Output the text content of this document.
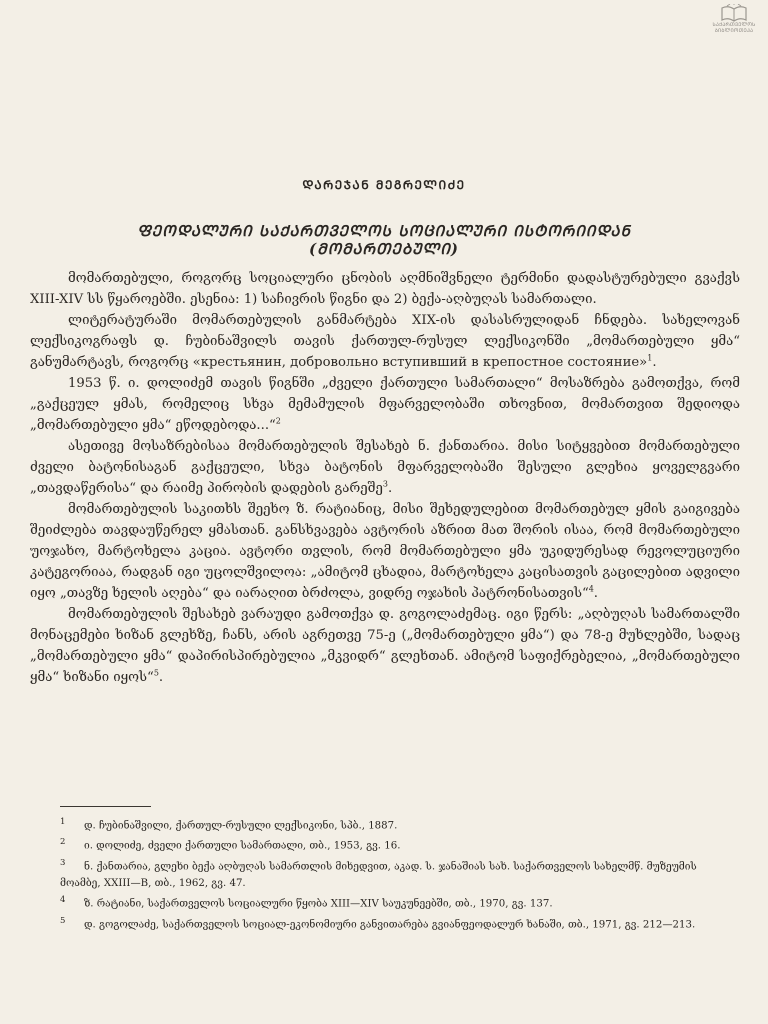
ᲡᲐᲥᲐᲠᲗᲕᲔᲚᲝᲡ ᲑᲘᲑᲚᲘᲝᲗᲔᲙᲐ
ᲓᲐᲠᲔᲯᲐᲜ ᲛᲔᲒᲠᲔᲚᲘᲫᲔ
ᲤᲔᲝᲓᲐᲚᲣᲠᲘ ᲡᲐᲥᲐᲠᲗᲕᲔᲚᲝᲡ ᲡᲝᲪᲘᲐᲚᲣᲠᲘ ᲘᲡᲢᲝᲠᲘᲘᲓᲐᲜ
(ᲛᲝᲛᲐᲠᲗᲔᲑᲣᲚᲘ)

მომართებული, როგორც სოციალური ცნობის აღმნიშვნელი ტერმინი დადასტურებული გვაქვს XIII-XIV სს წყაროებში. ესენია: 1) საჩივრის წიგნი და 2) ბექა-აღბუღას სამართალი.

ლიტერატურაში მომართებულის განმარტება XIX-ის დასასრულიდან ჩნდება. სახელოვან ლექსიკოგრაფს დ. ჩუბინაშვილს თავის ქართულ-რუსულ ლექსიკონში „მომართებული ყმა“ განუმარტავს, როგორც «крестьянин, добровольно вступивший в крепостное состояние»$^1$.

1953 წ. ი. დოლიძემ თავის წიგნში „ძველი ქართული სამართალი“ მოსაზრება გამოთქვა, რომ „გაქცეულ ყმას, რომელიც სხვა მემამულის მფარველობაში თხოვნით, მომართვით შედიოდა „მომართებული ყმა“ ეწოდებოდა...“$^2$

ასეთივე მოსაზრებისაა მომართებულის შესახებ ნ. ქანთარია. მისი სიტყვებით მომართებული ძველი ბატონისაგან გაქცეული, სხვა ბატონის მფარველობაში შესული გლეხია ყოველგვარი „თავდაწერისა“ და რაიმე პირობის დადების გარეშე$^3$.

მომართებულის საკითხს შეეხო ზ. რატიანიც, მისი შეხედულებით მომართებულ ყმის გაიგივება შეიძლება თავდაუწერელ ყმასთან. განსხვავება ავტორის აზრით მათ შორის ისაა, რომ მომართებული უოჯახო, მარტოხელა კაცია. ავტორი თვლის, რომ მომართებული ყმა უკიდურესად რევოლუციური კატეგორიაა, რადგან იგი უცოლშვილოა: „ამიტომ ცხადია, მარტოხელა კაცისათვის გაცილებით ადვილი იყო „თავზე ხელის აღება“ და იარაღით ბრძოლა, ვიდრე ოჯახის პატრონისათვის“$^4$.

მომართებულის შესახებ ვარაუდი გამოთქვა დ. გოგოლაძემაც. იგი წერს: „აღბუღას სამართალში მონაცემები ხიზან გლეხზე, ჩანს, არის აგრეთვე 75-ე („მომართებული ყმა“) და 78-ე მუხლებში, სადაც „მომართებული ყმა“ დაპირისპირებულია „მკვიდრ“ გლეხთან. ამიტომ საფიქრებელია, „მომართებული ყმა“ ხიზანი იყოს“$^5$.

$^1$ დ. ჩუბინაშვილი, ქართულ-რუსული ლექსიკონი, სპბ., 1887.

$^2$ ი. დოლიძე, ძველი ქართული სამართალი, თბ., 1953, გვ. 16.

$^3$ ნ. ქანთარია, გლეხი ბექა აღბუღას სამართლის მიხედვით, აკად. ს. ჯანაშიას სახ. საქართველოს სახელმწ. მუზეუმის მოამბე, XXIII—B, თბ., 1962, გვ. 47.

$^4$ ზ. რატიანი, საქართველოს სოციალური წყობა XIII—XIV საუკუნეებში, თბ., 1970, გვ. 137.

$^5$ დ. გოგოლაძე, საქართველოს სოციალ-ეკონომიური განვითარება გვიანფეოდალურ ხანაში, თბ., 1971, გვ. 212—213.
